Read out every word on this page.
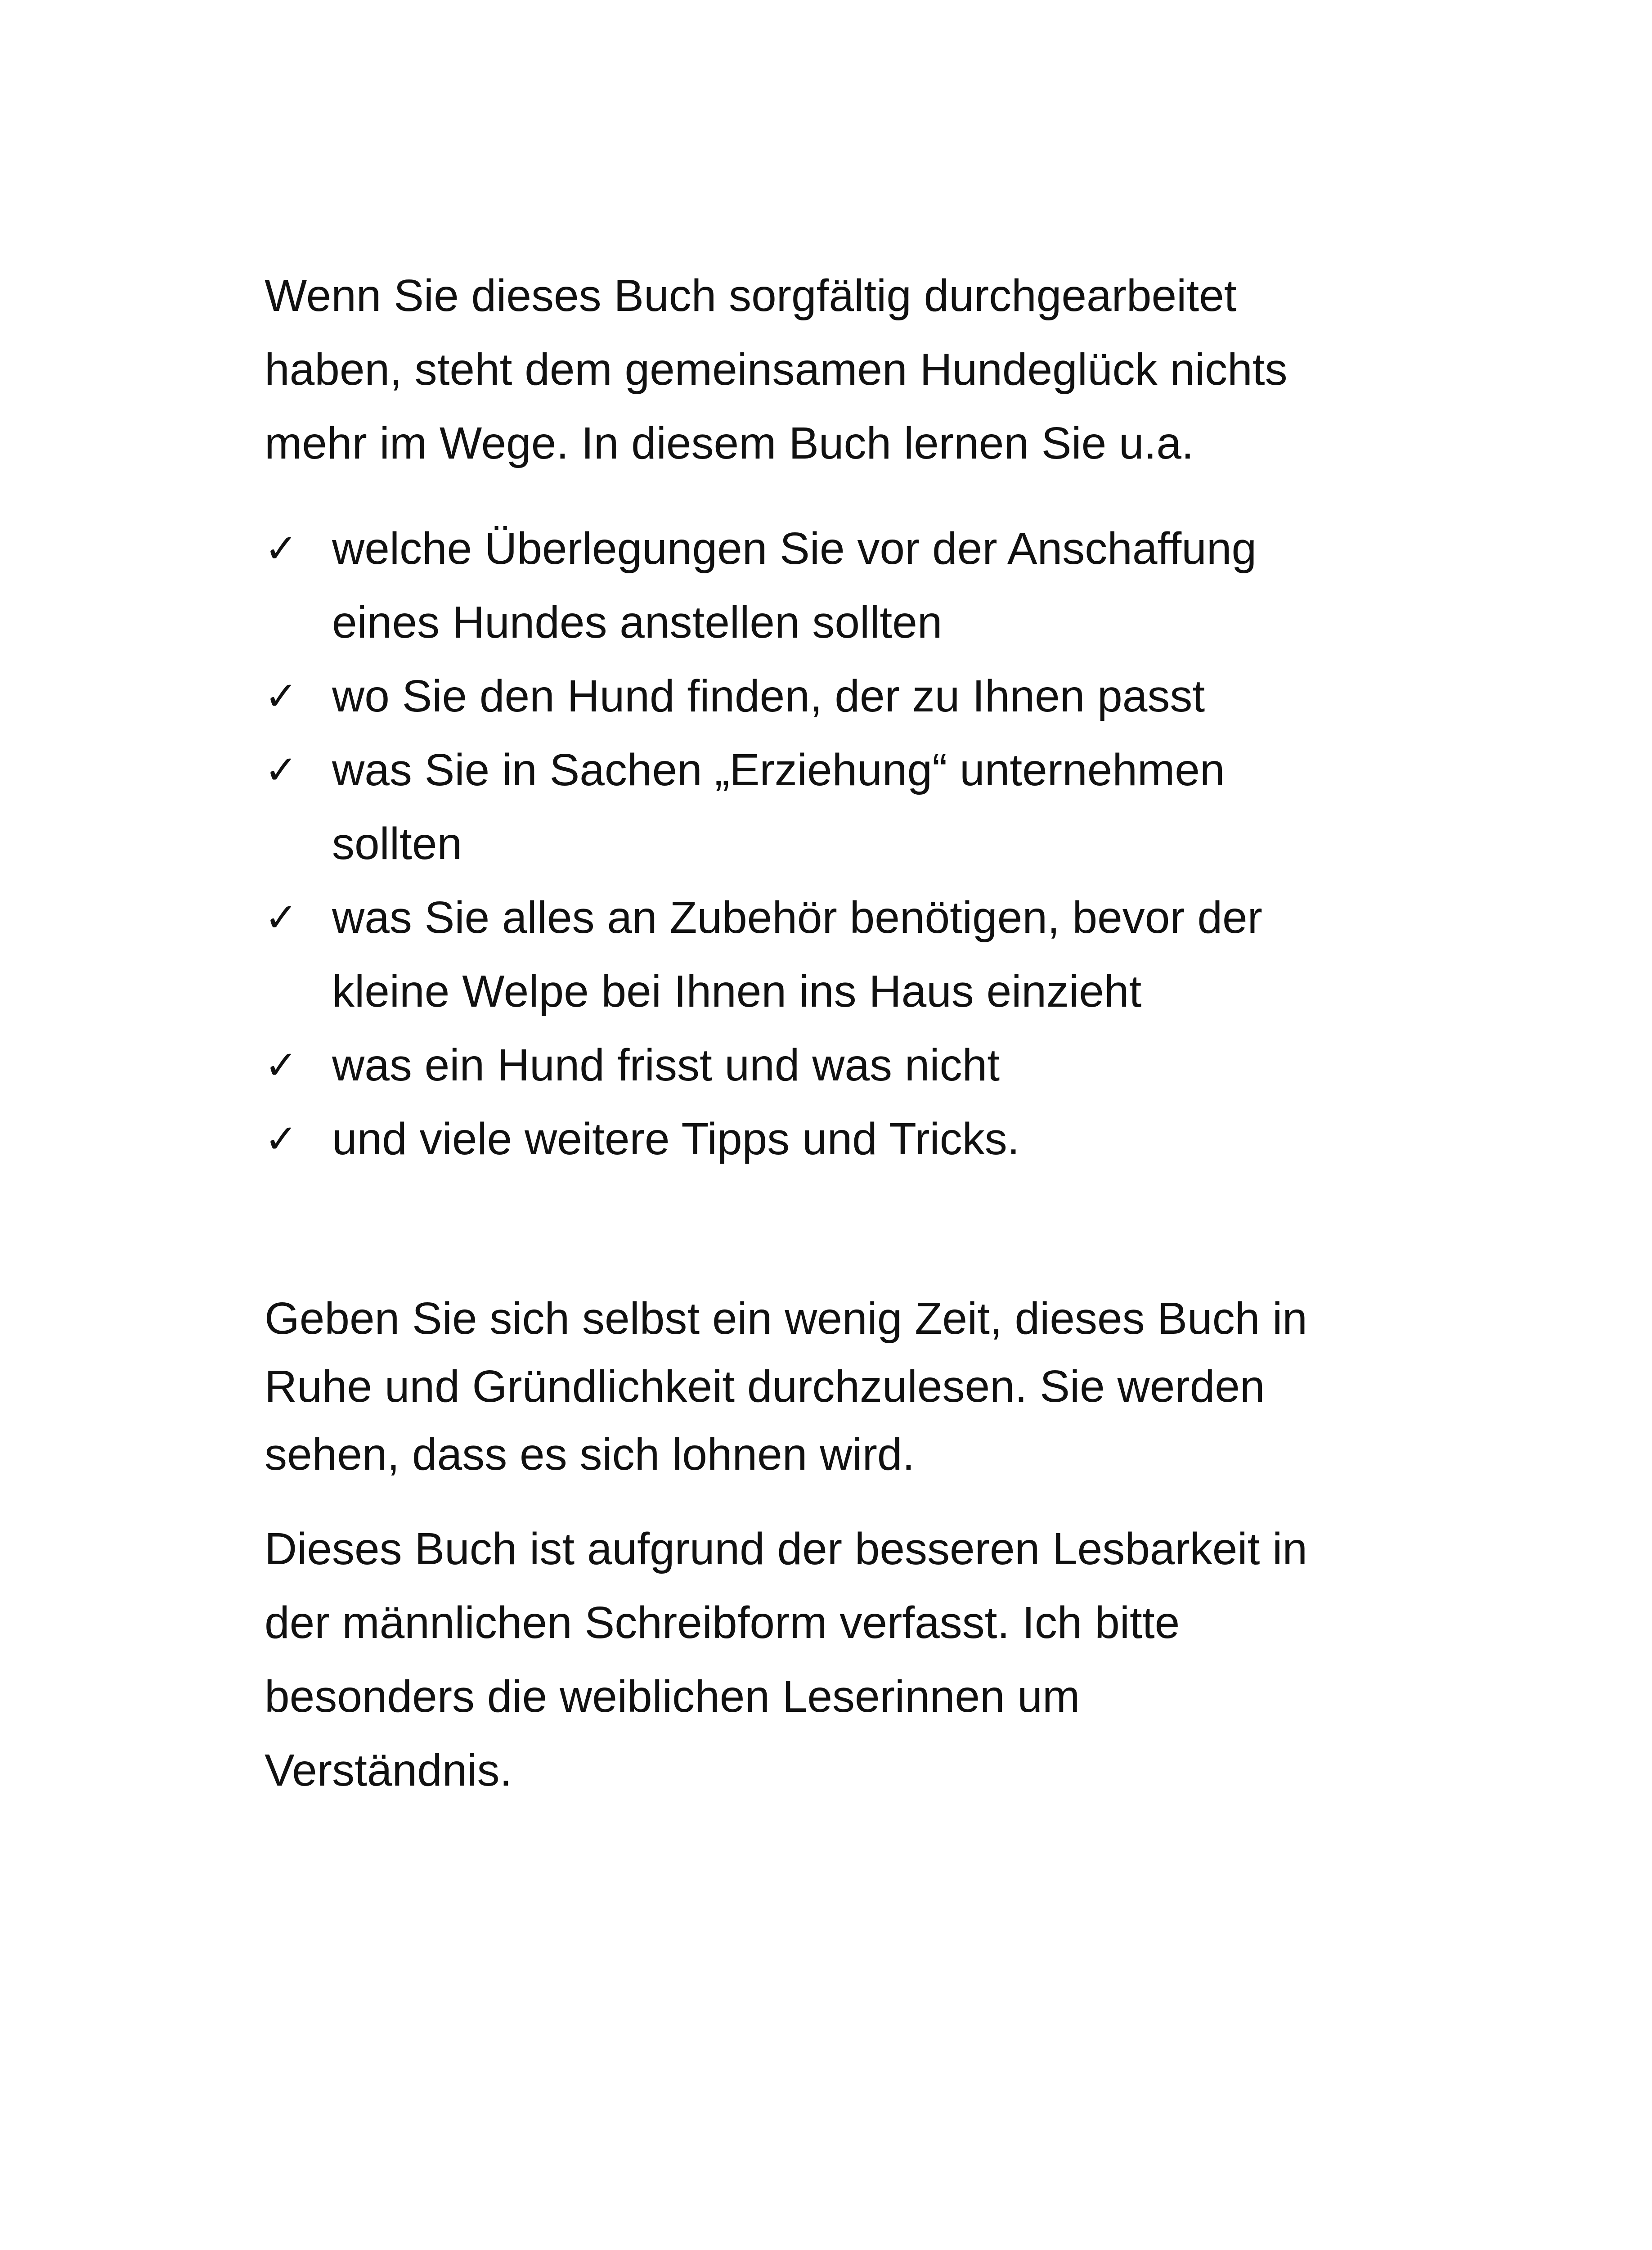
Wenn Sie dieses Buch sorgfältig durchgearbeitet
haben, steht dem gemeinsamen Hundeglück nichts
mehr im Wege. In diesem Buch lernen Sie u.a.

✓ welche Überlegungen Sie vor der Anschaffung
eines Hundes anstellen sollten
✓ wo Sie den Hund finden, der zu Ihnen passt
✓ was Sie in Sachen „Erziehung“ unternehmen
sollten
✓ was Sie alles an Zubehör benötigen, bevor der
kleine Welpe bei Ihnen ins Haus einzieht
✓ was ein Hund frisst und was nicht
✓ und viele weitere Tipps und Tricks.

Geben Sie sich selbst ein wenig Zeit, dieses Buch in
Ruhe und Gründlichkeit durchzulesen. Sie werden
sehen, dass es sich lohnen wird.

Dieses Buch ist aufgrund der besseren Lesbarkeit in
der männlichen Schreibform verfasst. Ich bitte
besonders die weiblichen Leserinnen um
Verständnis.
